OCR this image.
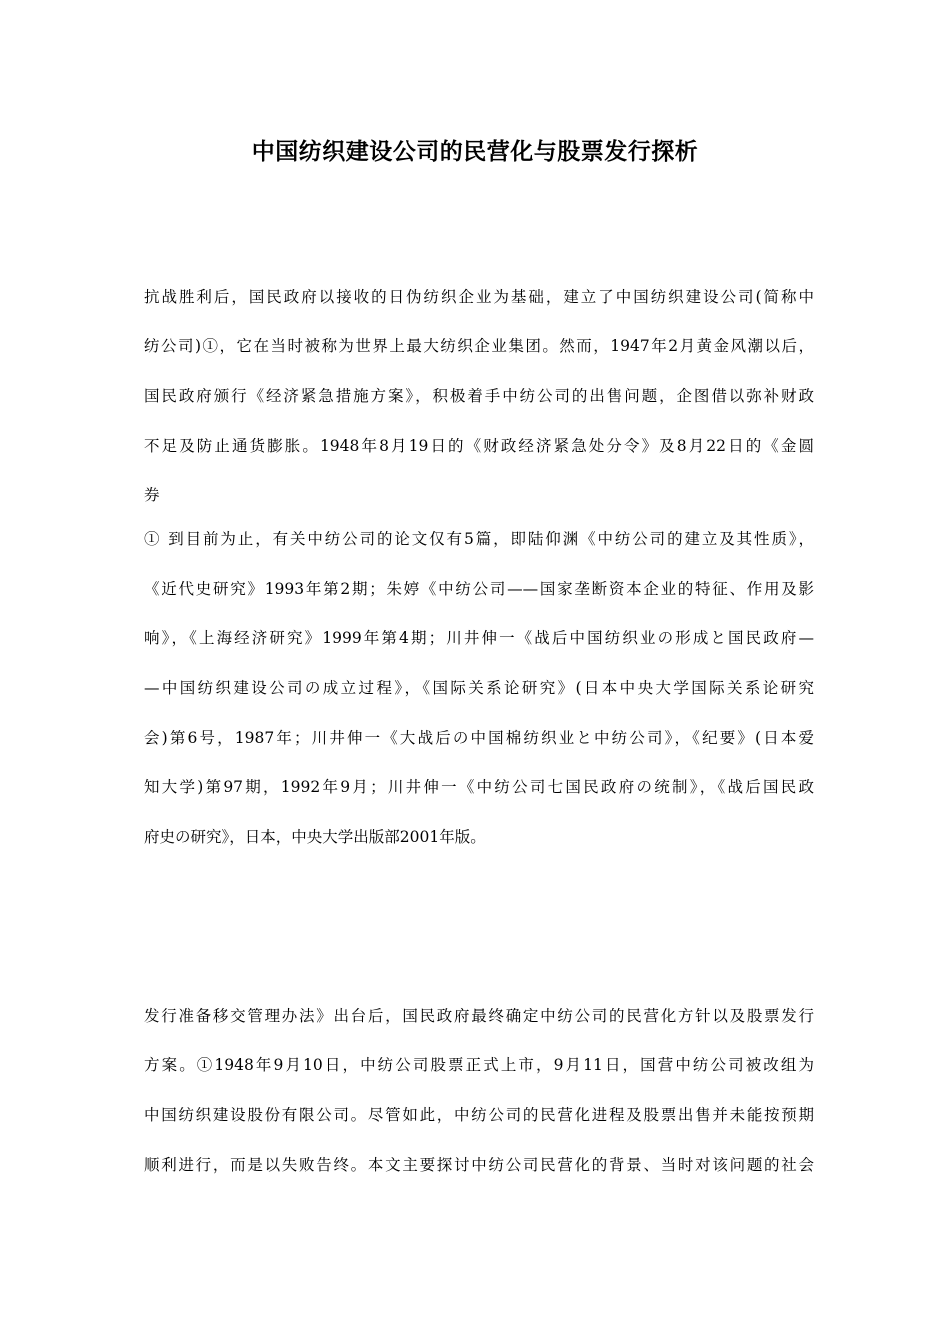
中国纺织建设公司的民营化与股票发行探析
抗战胜利后，国民政府以接收的日伪纺织企业为基础，建立了中国纺织建设公司(简称中
纺公司)①，它在当时被称为世界上最大纺织企业集团。然而，1947年2月黄金风潮以后，
国民政府颁行《经济紧急措施方案》，积极着手中纺公司的出售问题，企图借以弥补财政
不足及防止通货膨胀。1948年8月19日的《财政经济紧急处分令》及8月22日的《金圆
券
① 到目前为止，有关中纺公司的论文仅有5篇，即陆仰渊《中纺公司的建立及其性质》，
《近代史研究》1993年第2期；朱婷《中纺公司——国家垄断资本企业的特征、作用及影
响》，《上海经济研究》1999年第4期；川井伸一《战后中国纺织业の形成と国民政府—
—中国纺织建设公司の成立过程》，《国际关系论研究》(日本中央大学国际关系论研究
会)第6号，1987年；川井伸一《大战后の中国棉纺织业と中纺公司》，《纪要》(日本爱
知大学)第97期，1992年9月；川井伸一《中纺公司七国民政府の统制》，《战后国民政
府史の研究》，日本，中央大学出版部2001年版。
发行准备移交管理办法》出台后，国民政府最终确定中纺公司的民营化方针以及股票发行
方案。①1948年9月10日，中纺公司股票正式上市，9月11日，国营中纺公司被改组为
中国纺织建设股份有限公司。尽管如此，中纺公司的民营化进程及股票出售并未能按预期
顺利进行，而是以失败告终。本文主要探讨中纺公司民营化的背景、当时对该问题的社会
